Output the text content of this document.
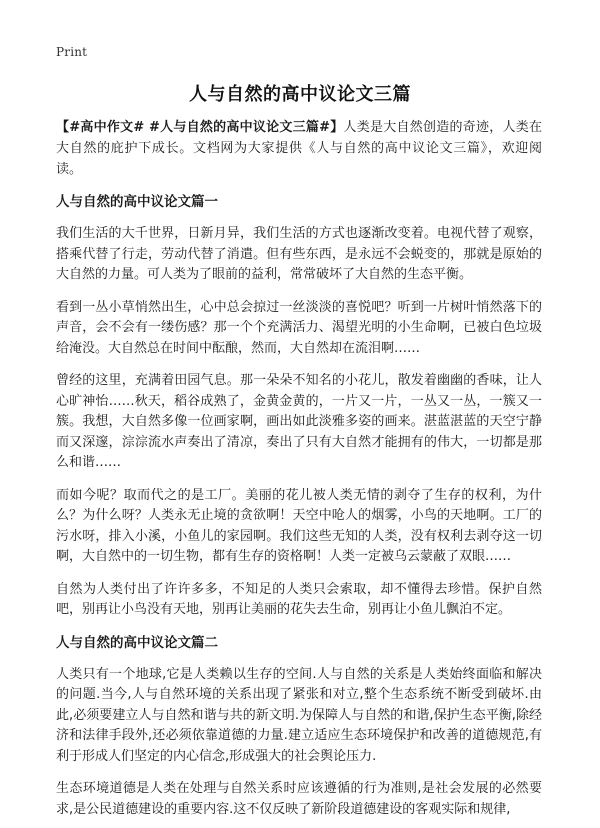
Print
人与自然的高中议论文三篇

【#高中作文# #人与自然的高中议论文三篇#】人类是大自然创造的奇迹，人类在大自然的庇护下成长。文档网为大家提供《人与自然的高中议论文三篇》，欢迎阅读。

人与自然的高中议论文篇一

我们生活的大千世界，日新月异，我们生活的方式也逐渐改变着。电视代替了观察，搭乘代替了行走，劳动代替了消遣。但有些东西，是永远不会蜕变的，那就是原始的大自然的力量。可人类为了眼前的益利，常常破坏了大自然的生态平衡。

看到一丛小草悄然出生，心中总会掠过一丝淡淡的喜悦吧？听到一片树叶悄然落下的声音，会不会有一缕伤感？那一个个充满活力、渴望光明的小生命啊，已被白色垃圾给淹没。大自然总在时间中酝酿，然而，大自然却在流泪啊……

曾经的这里，充满着田园气息。那一朵朵不知名的小花儿，散发着幽幽的香味，让人心旷神怡……秋天，稻谷成熟了，金黄金黄的，一片又一片，一丛又一丛，一簇又一簇。我想，大自然多像一位画家啊，画出如此淡雅多姿的画来。湛蓝湛蓝的天空宁静而又深邃，淙淙流水声奏出了清凉，奏出了只有大自然才能拥有的伟大，一切都是那么和谐……

而如今呢？取而代之的是工厂。美丽的花儿被人类无情的剥夺了生存的权利，为什么？为什么呀？人类永无止境的贪欲啊！天空中呛人的烟雾，小鸟的天地啊。工厂的污水呀，排入小溪，小鱼儿的家园啊。我们这些无知的人类，没有权利去剥夺这一切啊，大自然中的一切生物，都有生存的资格啊！人类一定被乌云蒙蔽了双眼……

自然为人类付出了许许多多，不知足的人类只会索取，却不懂得去珍惜。保护自然吧，别再让小鸟没有天地，别再让美丽的花失去生命，别再让小鱼儿飘泊不定。

人与自然的高中议论文篇二

人类只有一个地球,它是人类赖以生存的空间.人与自然的关系是人类始终面临和解决的问题.当今,人与自然环境的关系出现了紧张和对立,整个生态系统不断受到破坏.由此,必须要建立人与自然和谐与共的新文明.为保障人与自然的和谐,保护生态平衡,除经济和法律手段外,还必须依靠道德的力量.建立适应生态环境保护和改善的道德规范,有利于形成人们坚定的内心信念,形成强大的社会舆论压力.

生态环境道德是人类在处理与自然关系时应该遵循的行为准则,是社会发展的必然要求,是公民道德建设的重要内容.这不仅反映了新阶段道德建设的客观实际和规律,
